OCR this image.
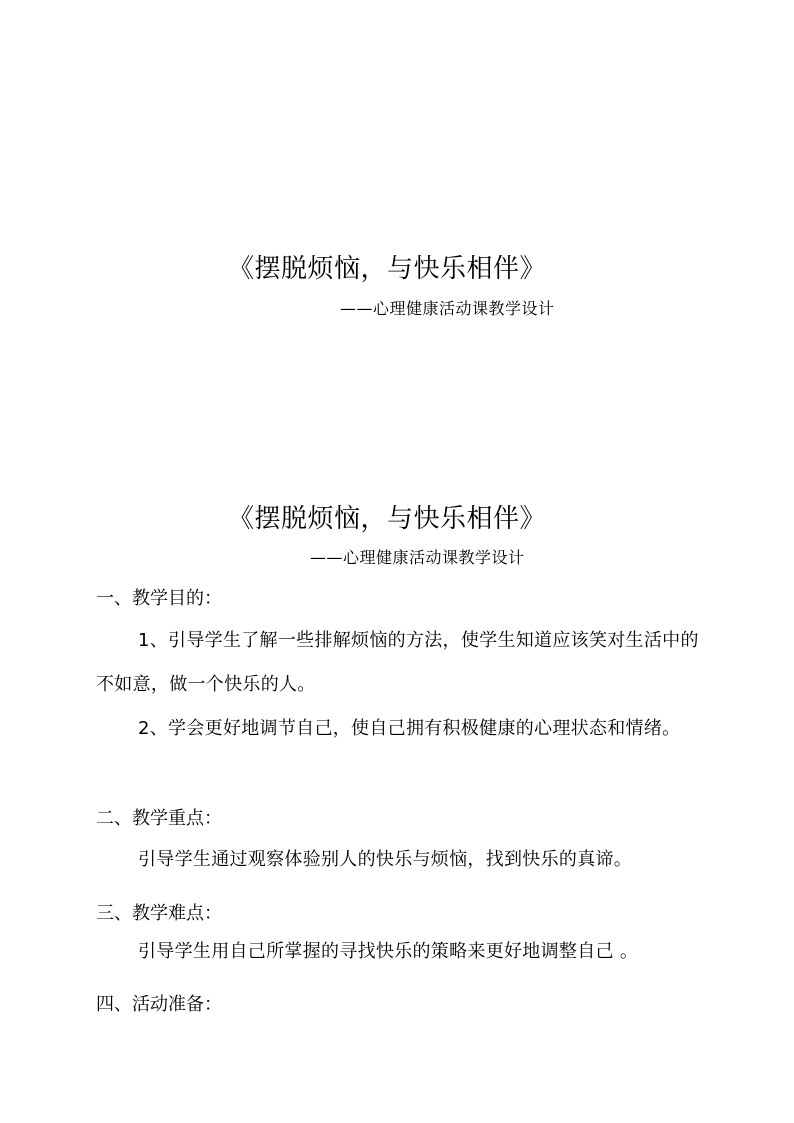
《摆脱烦恼，与快乐相伴》
——心理健康活动课教学设计
《摆脱烦恼，与快乐相伴》
——心理健康活动课教学设计
一、教学目的：
1、引导学生了解一些排解烦恼的方法，使学生知道应该笑对生活中的不如意，做一个快乐的人。
2、学会更好地调节自己，使自己拥有积极健康的心理状态和情绪。
二、教学重点：
引导学生通过观察体验别人的快乐与烦恼，找到快乐的真谛。
三、教学难点：
引导学生用自己所掌握的寻找快乐的策略来更好地调整自己 。
四、活动准备：
